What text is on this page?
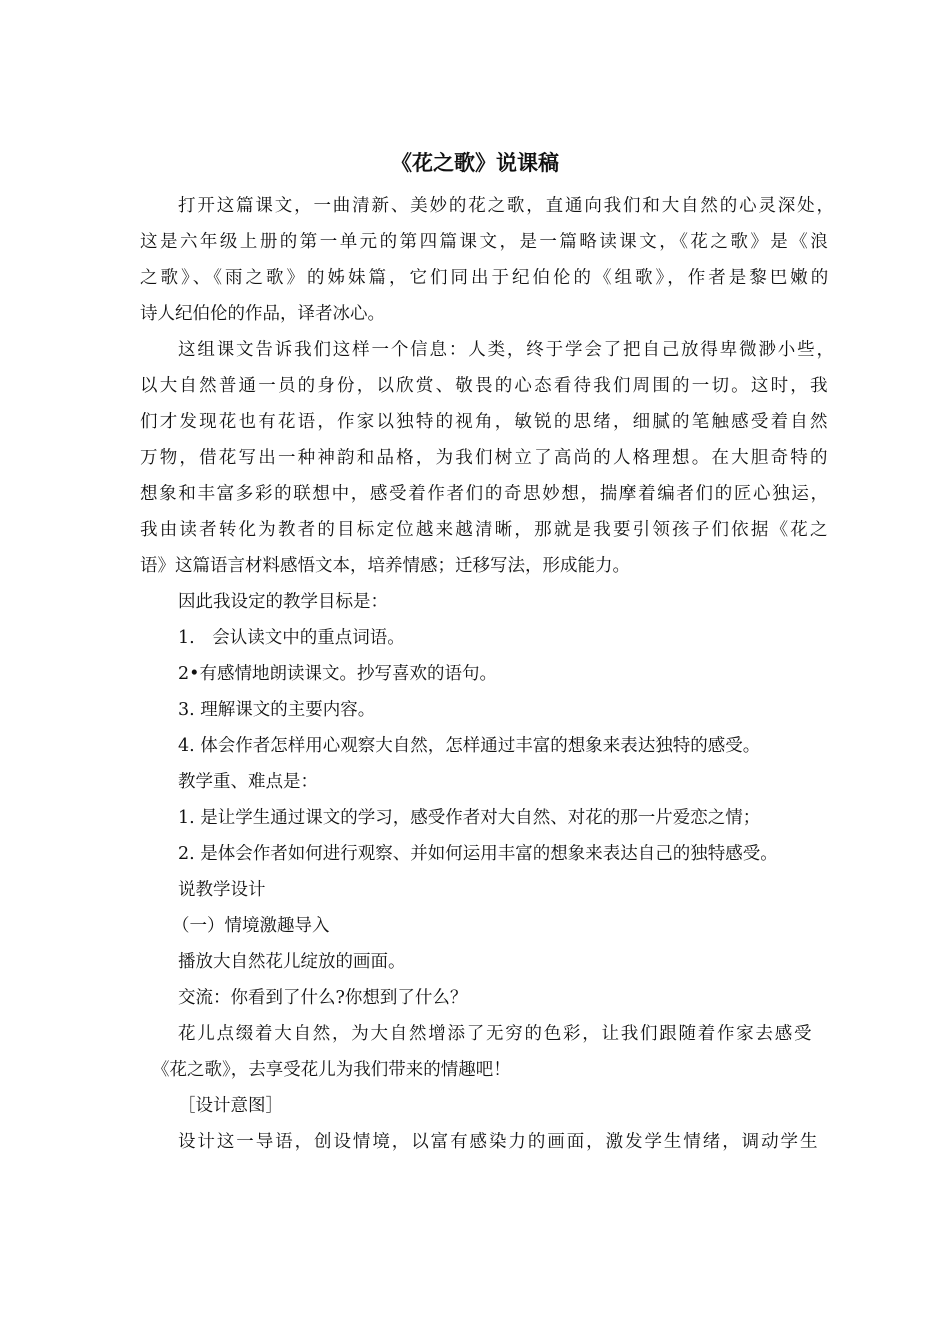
《花之歌》说课稿
打开这篇课文，一曲清新、美妙的花之歌，直通向我们和大自然的心灵深处，
这是六年级上册的第一单元的第四篇课文，是一篇略读课文，《花之歌》是《浪
之歌》、《雨之歌》的姊妹篇，它们同出于纪伯伦的《组歌》，作者是黎巴嫩的
诗人纪伯伦的作品，译者冰心。
这组课文告诉我们这样一个信息：人类，终于学会了把自己放得卑微渺小些，
以大自然普通一员的身份，以欣赏、敬畏的心态看待我们周围的一切。这时，我
们才发现花也有花语，作家以独特的视角，敏锐的思绪，细腻的笔触感受着自然
万物，借花写出一种神韵和品格，为我们树立了高尚的人格理想。在大胆奇特的
想象和丰富多彩的联想中，感受着作者们的奇思妙想，揣摩着编者们的匠心独运，
我由读者转化为教者的目标定位越来越清晰，那就是我要引领孩子们依据《花之
语》这篇语言材料感悟文本，培养情感；迁移写法，形成能力。
因此我设定的教学目标是：
1.　会认读文中的重点词语。
2•有感情地朗读课文。抄写喜欢的语句。
3. 理解课文的主要内容。
4. 体会作者怎样用心观察大自然，怎样通过丰富的想象来表达独特的感受。
教学重、难点是：
1. 是让学生通过课文的学习，感受作者对大自然、对花的那一片爱恋之情；
2. 是体会作者如何进行观察、并如何运用丰富的想象来表达自己的独特感受。
说教学设计
（一）情境激趣导入
播放大自然花儿绽放的画面。
交流：你看到了什么?你想到了什么？
花儿点缀着大自然，为大自然增添了无穷的色彩，让我们跟随着作家去感受
《花之歌》，去享受花儿为我们带来的情趣吧！
［设计意图］
设计这一导语，创设情境，以富有感染力的画面，激发学生情绪，调动学生
